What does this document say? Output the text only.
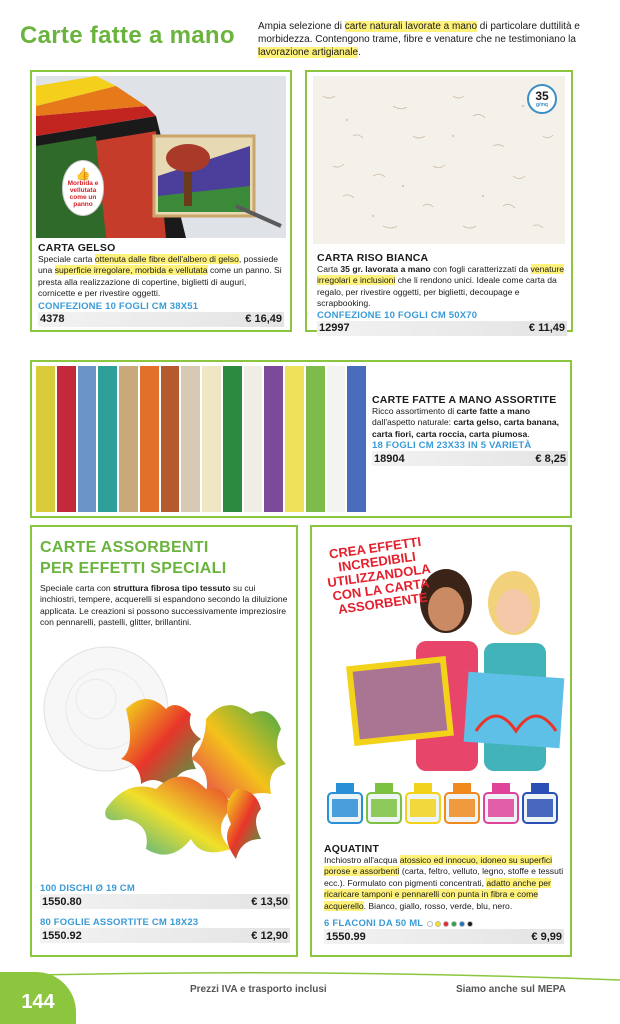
Carte fatte a mano Ampia selezione di carte naturali lavorate a mano di particolare duttilità e morbidezza. Contengono trame, fibre e venature che ne testimoniano la lavorazione artigianale.
👍
Morbida e vellutata come un panno
CARTA GELSO
Speciale carta ottenuta dalle fibre dell'albero di gelso, possiede una superficie irregolare, morbida e vellutata come un panno. Si presta alla realizzazione di copertine, biglietti di auguri, cornicette e per rivestire oggetti.
CONFEZIONE 10 FOGLI CM 38X51
4378	€ 16,49
35
g/mq
CARTA RISO BIANCA
Carta 35 gr. lavorata a mano con fogli caratterizzati da venature irregolari e inclusioni che li rendono unici. Ideale come carta da regalo, per rivestire oggetti, per biglietti, decoupage e scrapbooking.
CONFEZIONE 10 FOGLI CM 50X70
12997	€ 11,49
CARTE FATTE A MANO ASSORTITE
Ricco assortimento di carte fatte a mano dall'aspetto naturale: carta gelso, carta banana, carta fiori, carta roccia, carta piumosa.
18 FOGLI CM 23X33 IN 5 VARIETÀ
18904	€ 8,25
CARTE ASSORBENTI
PER EFFETTI SPECIALI
Speciale carta con struttura fibrosa tipo tessuto su cui inchiostri, tempere, acquerelli si espandono secondo la diluizione applicata. Le creazioni si possono successivamente impreziosire con pennarelli, pastelli, glitter, brillantini.
100 DISCHI Ø 19 CM
1550.80	€ 13,50
80 FOGLIE ASSORTITE CM 18X23
1550.92	€ 12,90
CREA EFFETTI INCREDIBILI UTILIZZANDOLA CON LA CARTA ASSORBENTE
AQUATINT
Inchiostro all'acqua atossico ed innocuo, idoneo su superfici porose e assorbenti (carta, feltro, velluto, legno, stoffe e tessuti ecc.). Formulato con pigmenti concentrati, adatto anche per ricaricare tamponi e pennarelli con punta in fibra e come acquerello. Bianco, giallo, rosso, verde, blu, nero.
6 FLACONI DA 50 ML
1550.99	€ 9,99
144
Prezzi IVA e trasporto inclusi	Siamo anche sul MEPA
